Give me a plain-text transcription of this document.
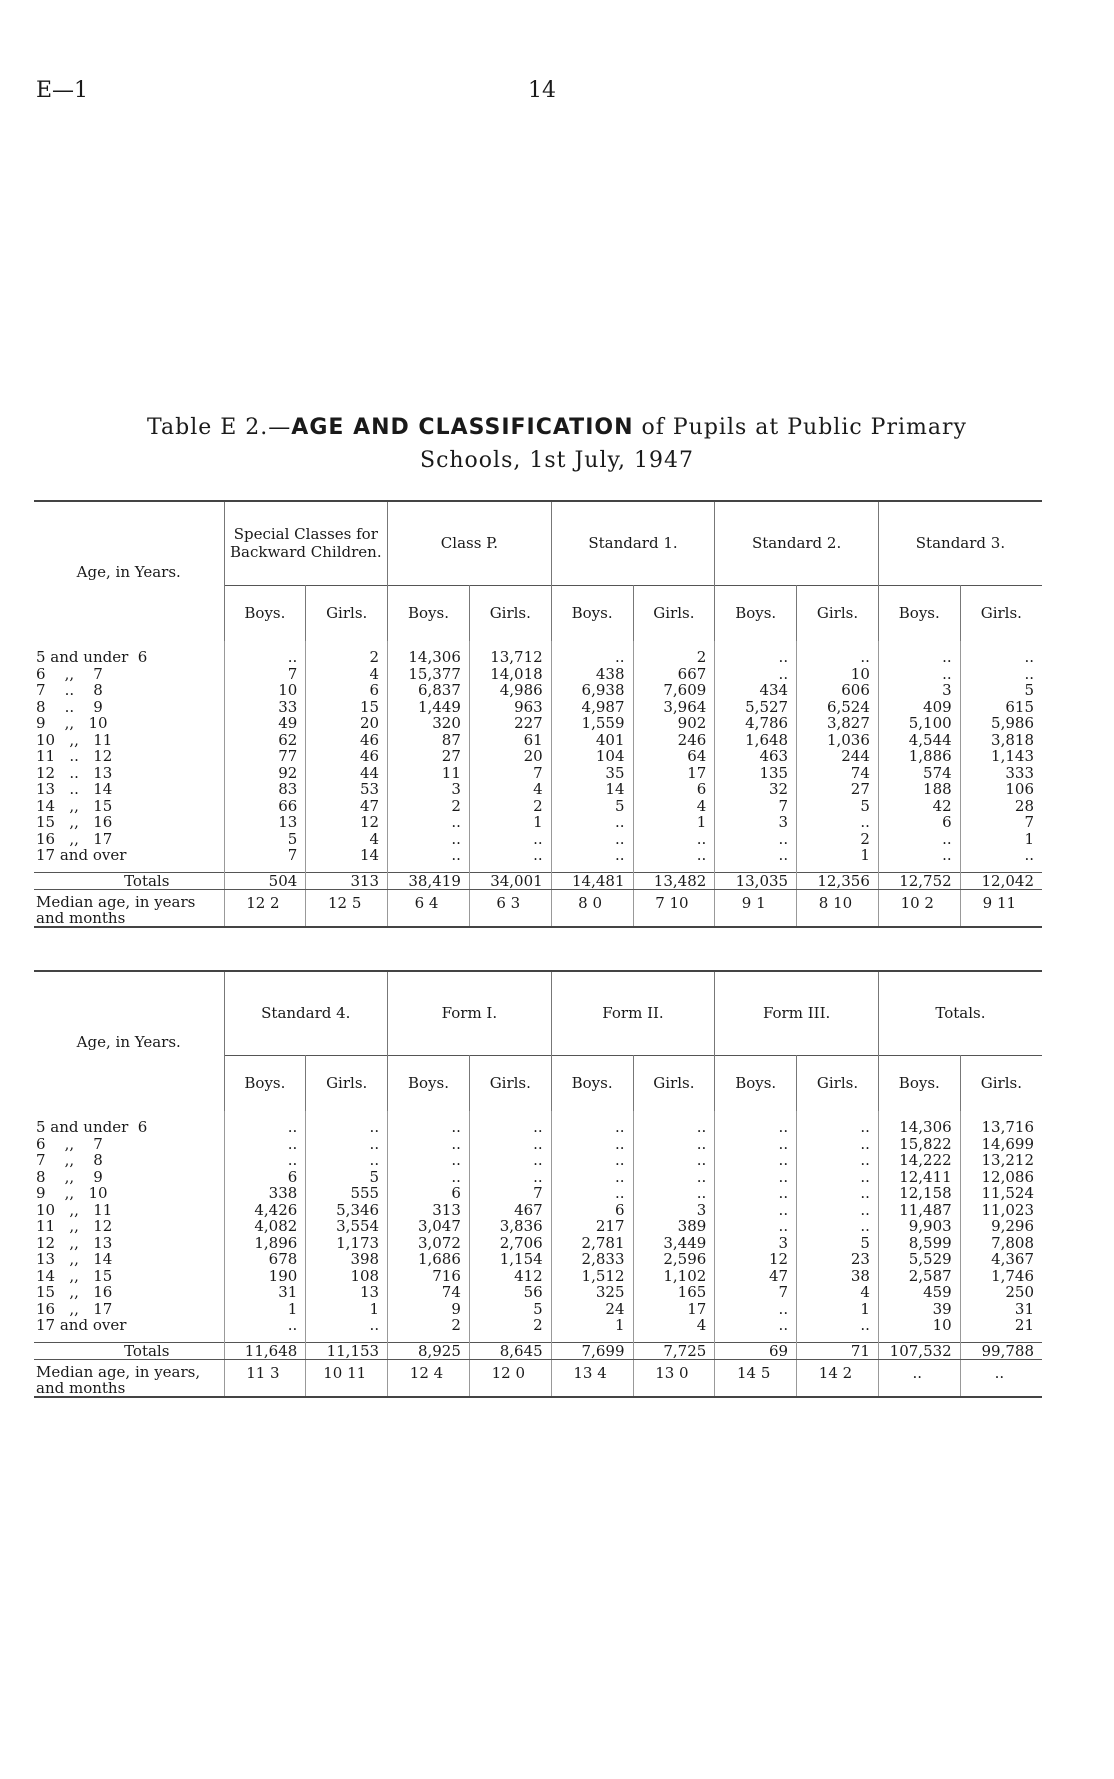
E—1	14
Table E 2.—AGE AND CLASSIFICATION of Pupils at Public Primary
Schools, 1st July, 1947
Age, in Years.	Special Classes for Backward Children.		Class P.		Standard 1.		Standard 2.		Standard 3.	
	Boys.	Girls.	Boys.	Girls.	Boys.	Girls.	Boys.	Girls.	Boys.	Girls.

5 and under  6	..	2	14,306	13,712	..	2	..	..	..	..
6    ,,    7	7	4	15,377	14,018	438	667	..	10	..	..
7    ..    8	10	6	6,837	4,986	6,938	7,609	434	606	3	5
8    ..    9	33	15	1,449	963	4,987	3,964	5,527	6,524	409	615
9    ,,   10	49	20	320	227	1,559	902	4,786	3,827	5,100	5,986
10   ,,   11	62	46	87	61	401	246	1,648	1,036	4,544	3,818
11   ..   12	77	46	27	20	104	64	463	244	1,886	1,143
12   ..   13	92	44	11	7	35	17	135	74	574	333
13   ..   14	83	53	3	4	14	6	32	27	188	106
14   ,,   15	66	47	2	2	5	4	7	5	42	28
15   ,,   16	13	12	..	1	..	1	3	..	6	7
16   ,,   17	5	4	..	..	..	..	..	2	..	1
17 and over	7	14	..	..	..	..	..	1	..	..

Totals	504	313	38,419	34,001	14,481	13,482	13,035	12,356	12,752	12,042
Median age, in years and months	12 2	12 5	6 4	6 3	8 0	7 10	9 1	8 10	10 2	9 11
Age, in Years.	Standard 4.		Form I.		Form II.		Form III.		Totals.	
	Boys.	Girls.	Boys.	Girls.	Boys.	Girls.	Boys.	Girls.	Boys.	Girls.

5 and under  6	..	..	..	..	..	..	..	..	14,306	13,716
6    ,,    7	..	..	..	..	..	..	..	..	15,822	14,699
7    ,,    8	..	..	..	..	..	..	..	..	14,222	13,212
8    ,,    9	6	5	..	..	..	..	..	..	12,411	12,086
9    ,,   10	338	555	6	7	..	..	..	..	12,158	11,524
10   ,,   11	4,426	5,346	313	467	6	3	..	..	11,487	11,023
11   ,,   12	4,082	3,554	3,047	3,836	217	389	..	..	9,903	9,296
12   ,,   13	1,896	1,173	3,072	2,706	2,781	3,449	3	5	8,599	7,808
13   ,,   14	678	398	1,686	1,154	2,833	2,596	12	23	5,529	4,367
14   ,,   15	190	108	716	412	1,512	1,102	47	38	2,587	1,746
15   ,,   16	31	13	74	56	325	165	7	4	459	250
16   ,,   17	1	1	9	5	24	17	..	1	39	31
17 and over	..	..	2	2	1	4	..	..	10	21

Totals	11,648	11,153	8,925	8,645	7,699	7,725	69	71	107,532	99,788
Median age, in years, and months	11 3	10 11	12 4	12 0	13 4	13 0	14 5	14 2	..	..
